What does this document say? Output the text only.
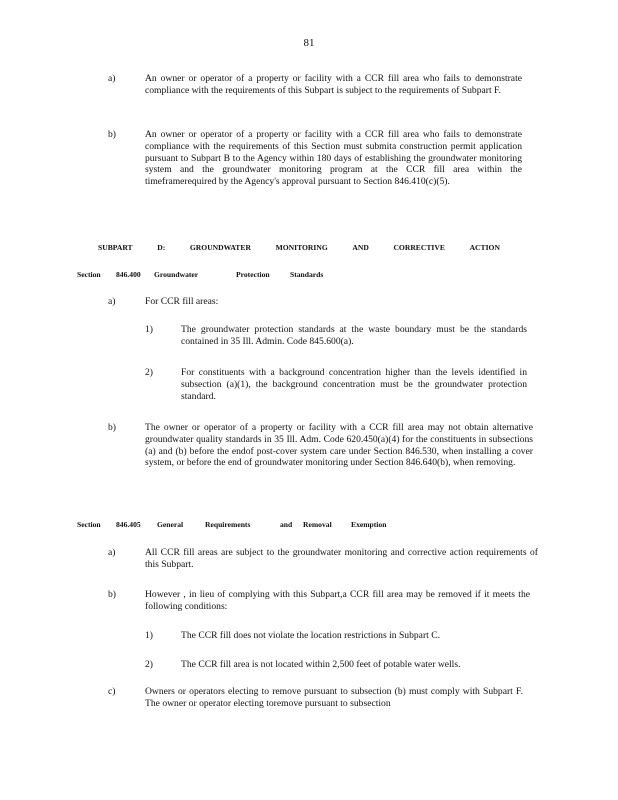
81
a)	An owner or operator of a property or facility with a CCR fill area who fails to demonstrate compliance with the requirements of this Subpart is subject to the requirements of Subpart F.
b)	An owner or operator of a property or facility with a CCR fill area who fails to demonstrate compliance with the requirements of this Section must submita construction permit application pursuant to Subpart B to the Agency within 180 days of establishing the groundwater monitoring system and the groundwater monitoring program at the CCR fill area within the timeframerequired by the Agency's approval pursuant to Section 846.410(c)(5).
SUBPART	D:	GROUNDWATER	MONITORING	AND	CORRECTIVE	ACTION
Section 846.400 Groundwater	Protection	Standards
a)	For CCR fill areas:
1)	The groundwater protection standards at the waste boundary must be the standards contained in 35 Ill. Admin. Code 845.600(a).
2)	For constituents with a background concentration higher than the levels identified in subsection (a)(1), the background concentration must be the groundwater protection standard.
b)	The owner or operator of a property or facility with a CCR fill area may not obtain alternative groundwater quality standards in 35 Ill. Adm. Code 620.450(a)(4) for the constituents in subsections (a) and (b) before the endof post-cover system care under Section 846.530, when installing a cover system, or before the end of groundwater monitoring under Section 846.640(b), when removing.
Section 846.405 General	Requirements	and Removal	Exemption
a)	All CCR fill areas are subject to the groundwater monitoring and corrective action requirements of this Subpart.
b)	However , in lieu of complying with this Subpart,a CCR fill area may be removed if it meets the following conditions:
1)	The CCR fill does not violate the location restrictions in Subpart C.
2)	The CCR fill area is not located within 2,500 feet of potable water wells.
c)	Owners or operators electing to remove pursuant to subsection (b) must comply with Subpart F. The owner or operator electing toremove pursuant to subsection
